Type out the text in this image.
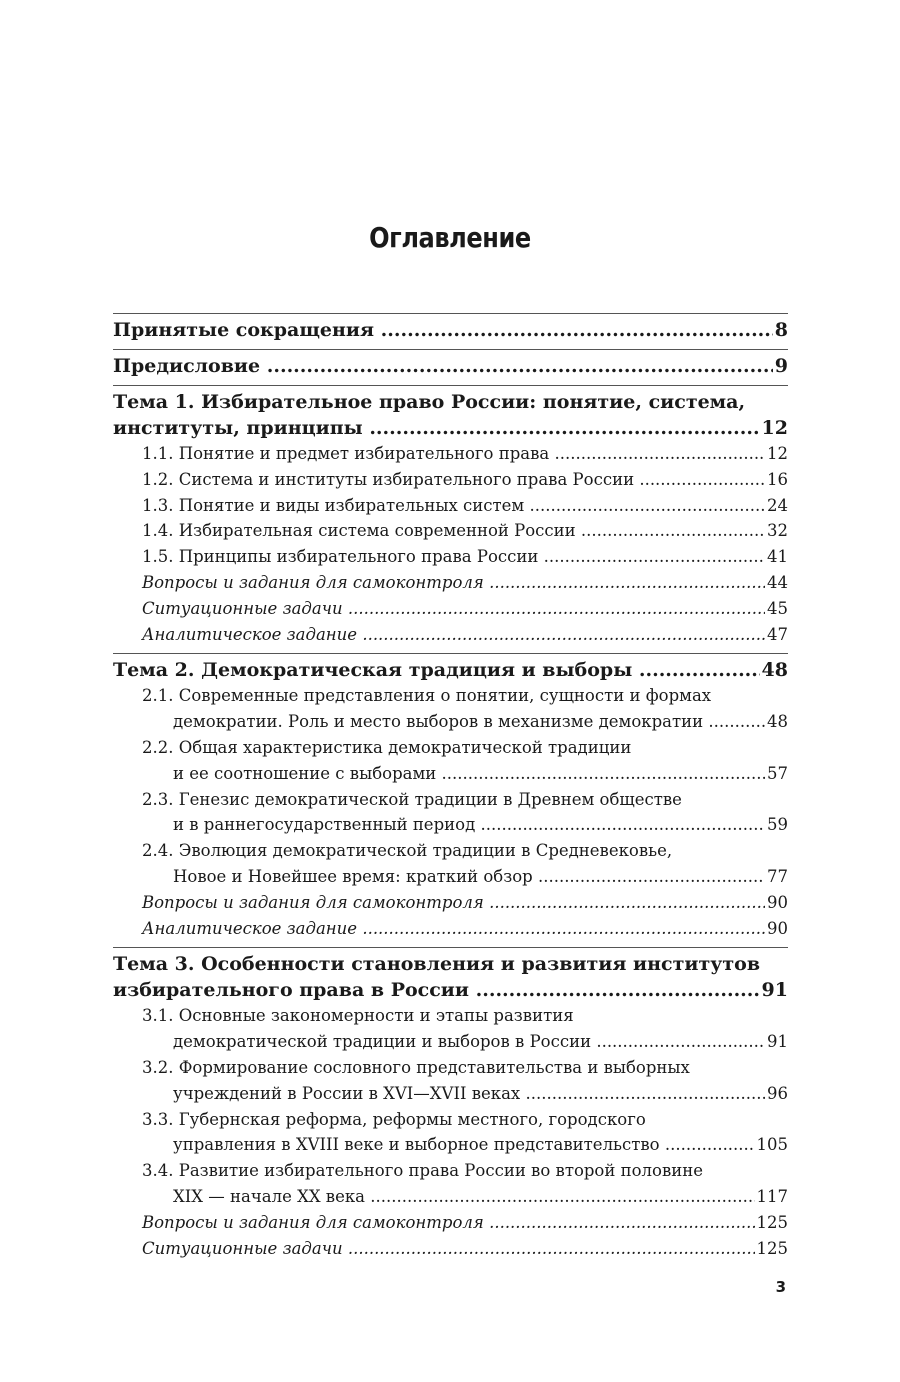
Оглавление
Принятые сокращения .....	8
Предисловие .....	9
Тема 1. Избирательное право России: понятие, система,
институты, принципы .....	12
1.1. Понятие и предмет избирательного права .....	12
1.2. Система и институты избирательного права России .....	16
1.3. Понятие и виды избирательных систем .....	24
1.4. Избирательная система современной России .....	32
1.5. Принципы избирательного права России .....	41
Вопросы и задания для самоконтроля .....	44
Ситуационные задачи .....	45
Аналитическое задание .....	47
Тема 2. Демократическая традиция и выборы .....	48
2.1. Современные представления о понятии, сущности и формах
демократии. Роль и место выборов в механизме демократии .....	48
2.2. Общая характеристика демократической традиции
и ее соотношение с выборами .....	57
2.3. Генезис демократической традиции в Древнем обществе
и в раннегосударственный период .....	59
2.4. Эволюция демократической традиции в Средневековье,
Новое и Новейшее время: краткий обзор .....	77
Вопросы и задания для самоконтроля .....	90
Аналитическое задание .....	90
Тема 3. Особенности становления и развития институтов
избирательного права в России .....	91
3.1. Основные закономерности и этапы развития
демократической традиции и выборов в России .....	91
3.2. Формирование сословного представительства и выборных
учреждений в России в XVI—XVII веках .....	96
3.3. Губернская реформа, реформы местного, городского
управления в XVIII веке и выборное представительство .....	105
3.4. Развитие избирательного права России во второй половине
XIX — начале XX века .....	117
Вопросы и задания для самоконтроля .....	125
Ситуационные задачи .....	125
3
